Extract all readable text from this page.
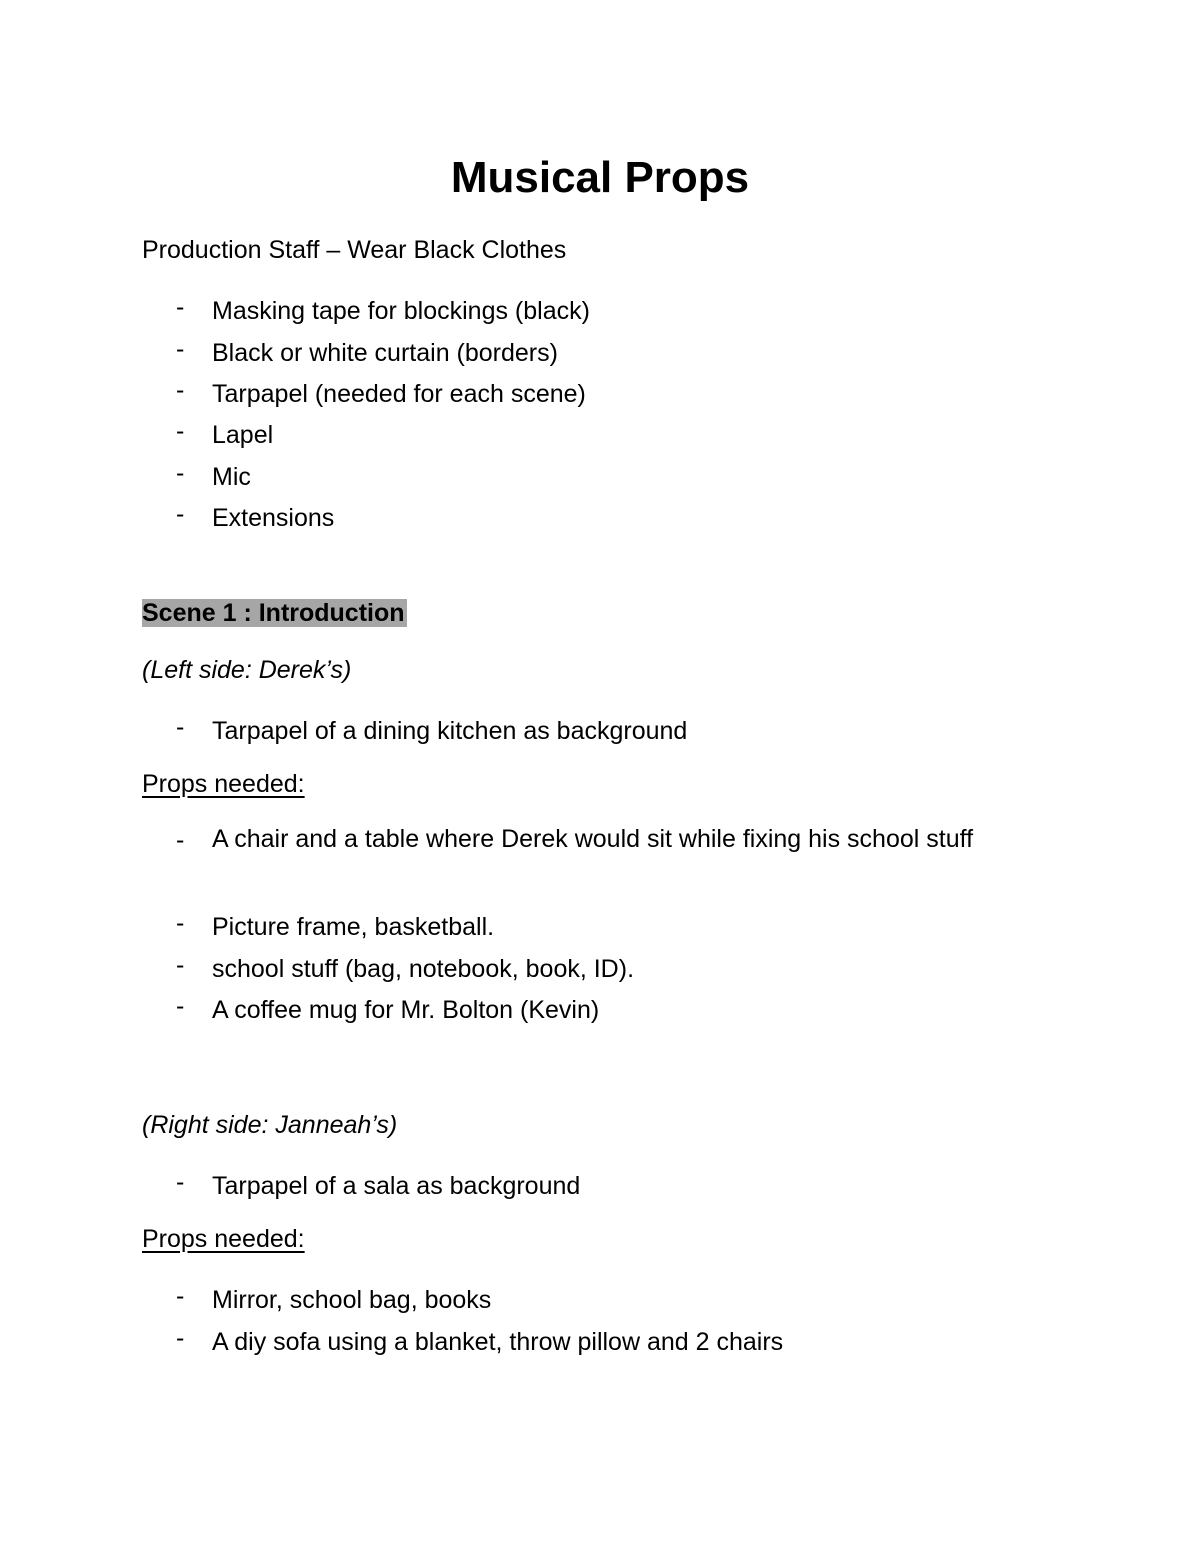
Musical Props

Production Staff – Wear Black Clothes

- Masking tape for blockings (black)
- Black or white curtain (borders)
- Tarpapel (needed for each scene)
- Lapel
- Mic
- Extensions

Scene 1 : Introduction

(Left side: Derek’s)

- Tarpapel of a dining kitchen as background

Props needed:

- A chair and a table where Derek would sit while fixing his school stuff
- Picture frame, basketball.
- school stuff (bag, notebook, book, ID).
- A coffee mug for Mr. Bolton (Kevin)

(Right side: Janneah’s)

- Tarpapel of a sala as background

Props needed:

- Mirror, school bag, books
- A diy sofa using a blanket, throw pillow and 2 chairs
